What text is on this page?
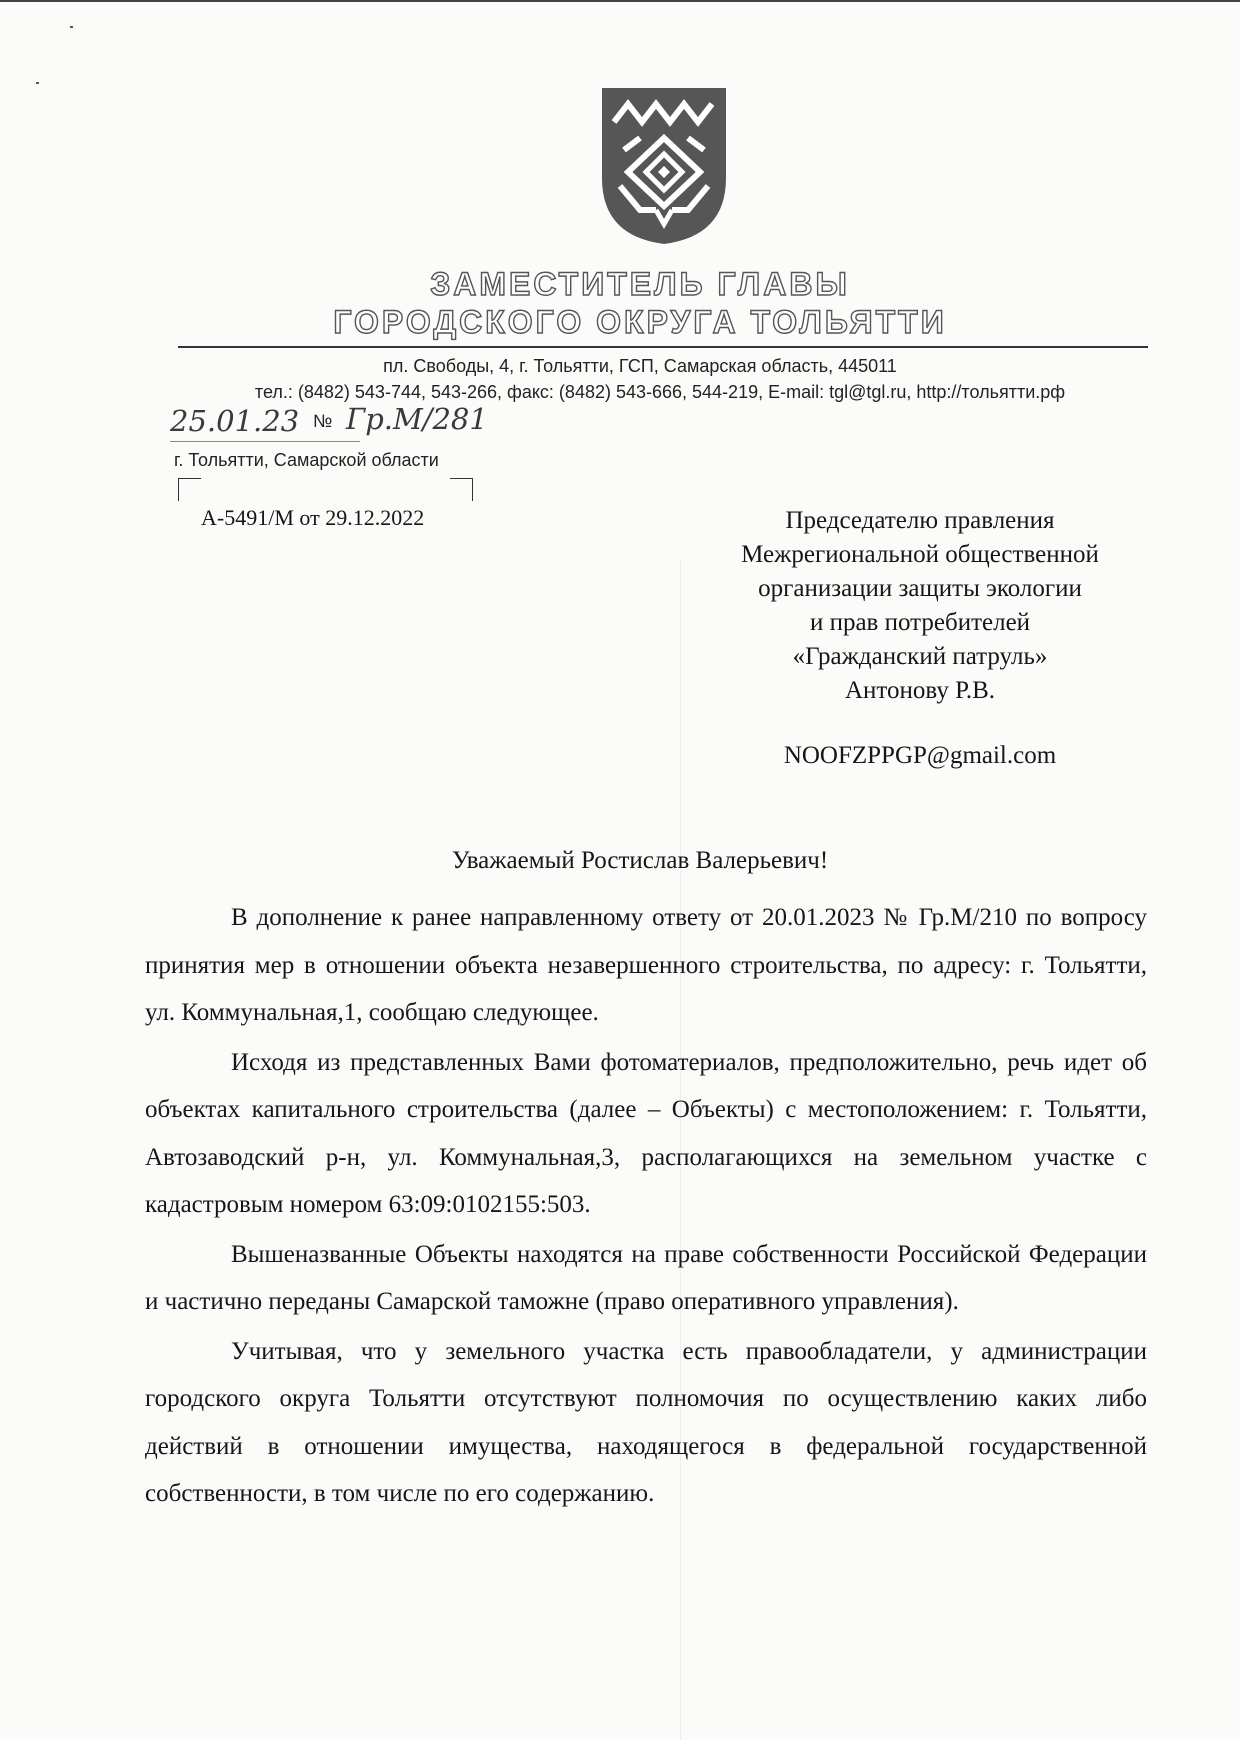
ЗАМЕСТИТЕЛЬ ГЛАВЫ
ГОРОДСКОГО ОКРУГА ТОЛЬЯТТИ
пл. Свободы, 4, г. Тольятти, ГСП, Самарская область, 445011
тел.: (8482) 543-744, 543-266, факс: (8482) 543-666, 544-219, E-mail: tgl@tgl.ru, http://тольятти.рф
25.01.23 № Гр.М/281
г. Тольятти, Самарской области
А-5491/М от 29.12.2022	Председателю правления
Межрегиональной общественной
организации защиты экологии
и прав потребителей
«Гражданский патруль»
Антонову Р.В.
NOOFZPPGP@gmail.com
Уважаемый Ростислав Валерьевич!

В дополнение к ранее направленному ответу от 20.01.2023 № Гр.М/210 по вопросу принятия мер в отношении объекта незавершенного строительства, по адресу: г. Тольятти, ул. Коммунальная,1, сообщаю следующее.

Исходя из представленных Вами фотоматериалов, предположительно, речь идет об объектах капитального строительства (далее – Объекты) с местоположением: г. Тольятти, Автозаводский р-н, ул. Коммунальная,3, располагающихся на земельном участке с кадастровым номером 63:09:0102155:503.

Вышеназванные Объекты находятся на праве собственности Российской Федерации и частично переданы Самарской таможне (право оперативного управления).

Учитывая, что у земельного участка есть правообладатели, у администрации городского округа Тольятти отсутствуют полномочия по осуществлению каких либо действий в отношении имущества, находящегося в федеральной государственной собственности, в том числе по его содержанию.
